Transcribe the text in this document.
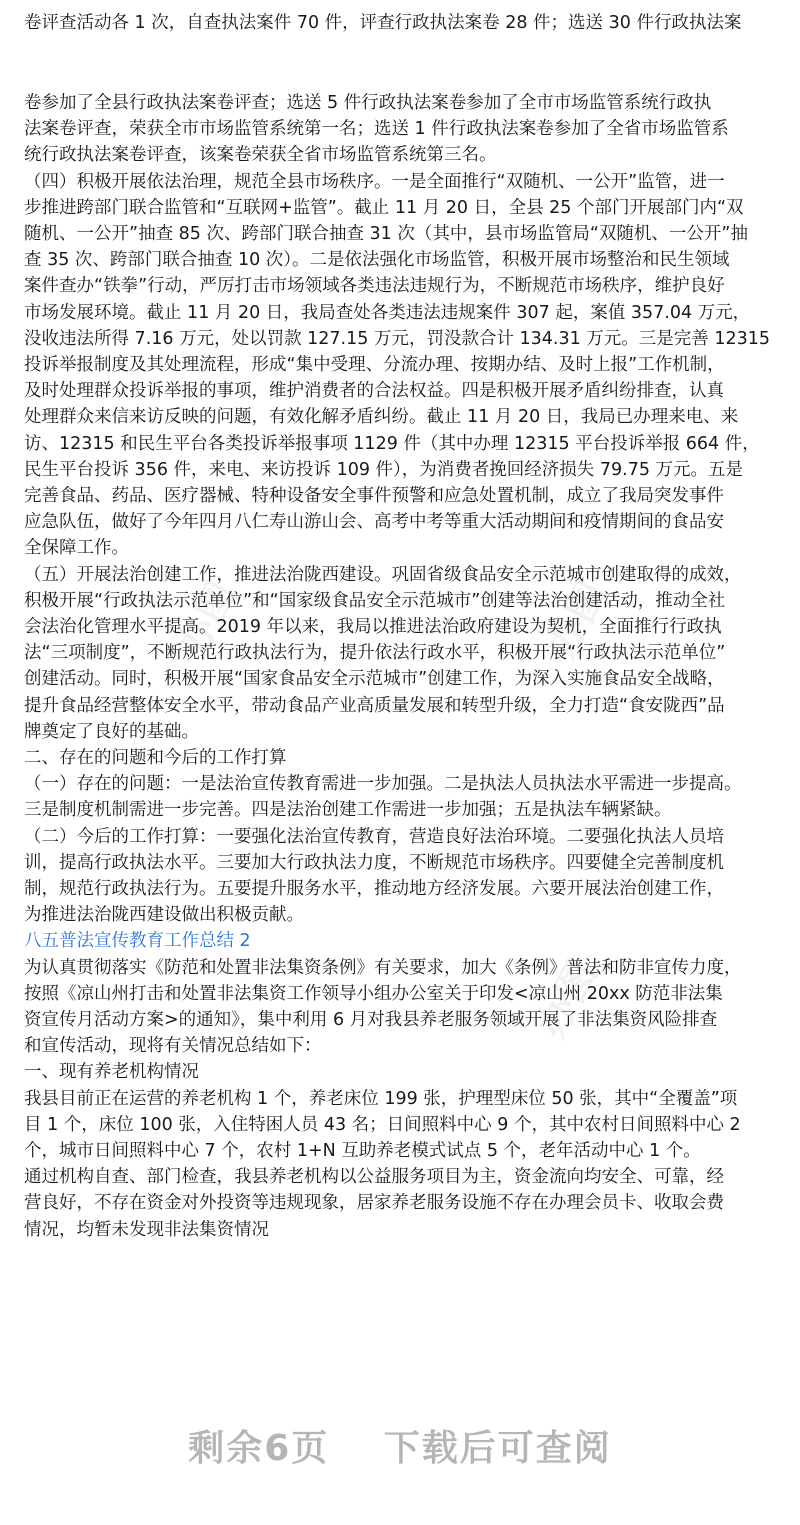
办图	办图
办图
卷评查活动各 1 次，自查执法案件 70 件，评查行政执法案卷 28 件；选送 30 件行政执法案
卷参加了全县行政执法案卷评查；选送 5 件行政执法案卷参加了全市市场监管系统行政执
法案卷评查，荣获全市市场监管系统第一名；选送 1 件行政执法案卷参加了全省市场监管系
统行政执法案卷评查，该案卷荣获全省市场监管系统第三名。
（四）积极开展依法治理，规范全县市场秩序。一是全面推行“双随机、一公开”监管，进一
步推进跨部门联合监管和“互联网+监管”。截止 11 月 20 日，全县 25 个部门开展部门内“双
随机、一公开”抽查 85 次、跨部门联合抽查 31 次（其中，县市场监管局“双随机、一公开”抽
查 35 次、跨部门联合抽查 10 次）。二是依法强化市场监管，积极开展市场整治和民生领域
案件查办“铁拳”行动，严厉打击市场领域各类违法违规行为，不断规范市场秩序，维护良好
市场发展环境。截止 11 月 20 日，我局查处各类违法违规案件 307 起，案值 357.04 万元，
没收违法所得 7.16 万元，处以罚款 127.15 万元，罚没款合计 134.31 万元。三是完善 12315
投诉举报制度及其处理流程，形成“集中受理、分流办理、按期办结、及时上报”工作机制，
及时处理群众投诉举报的事项，维护消费者的合法权益。四是积极开展矛盾纠纷排查，认真
处理群众来信来访反映的问题，有效化解矛盾纠纷。截止 11 月 20 日，我局已办理来电、来
访、12315 和民生平台各类投诉举报事项 1129 件（其中办理 12315 平台投诉举报 664 件，
民生平台投诉 356 件，来电、来访投诉 109 件），为消费者挽回经济损失 79.75 万元。五是
完善食品、药品、医疗器械、特种设备安全事件预警和应急处置机制，成立了我局突发事件
应急队伍，做好了今年四月八仁寿山游山会、高考中考等重大活动期间和疫情期间的食品安
全保障工作。
（五）开展法治创建工作，推进法治陇西建设。巩固省级食品安全示范城市创建取得的成效，
积极开展“行政执法示范单位”和“国家级食品安全示范城市”创建等法治创建活动，推动全社
会法治化管理水平提高。2019 年以来，我局以推进法治政府建设为契机，全面推行行政执
法“三项制度”，不断规范行政执法行为，提升依法行政水平，积极开展“行政执法示范单位”
创建活动。同时，积极开展“国家食品安全示范城市”创建工作，为深入实施食品安全战略，
提升食品经营整体安全水平，带动食品产业高质量发展和转型升级，全力打造“食安陇西”品
牌奠定了良好的基础。
二、存在的问题和今后的工作打算
（一）存在的问题：一是法治宣传教育需进一步加强。二是执法人员执法水平需进一步提高。
三是制度机制需进一步完善。四是法治创建工作需进一步加强；五是执法车辆紧缺。
（二）今后的工作打算：一要强化法治宣传教育，营造良好法治环境。二要强化执法人员培
训，提高行政执法水平。三要加大行政执法力度，不断规范市场秩序。四要健全完善制度机
制，规范行政执法行为。五要提升服务水平，推动地方经济发展。六要开展法治创建工作，
为推进法治陇西建设做出积极贡献。
八五普法宣传教育工作总结 2
为认真贯彻落实《防范和处置非法集资条例》有关要求，加大《条例》普法和防非宣传力度，
按照《凉山州打击和处置非法集资工作领导小组办公室关于印发<凉山州 20xx 防范非法集
资宣传月活动方案>的通知》，集中利用 6 月对我县养老服务领域开展了非法集资风险排查
和宣传活动，现将有关情况总结如下：
一、现有养老机构情况
我县目前正在运营的养老机构 1 个，养老床位 199 张，护理型床位 50 张，其中“全覆盖”项
目 1 个，床位 100 张，入住特困人员 43 名；日间照料中心 9 个，其中农村日间照料中心 2
个，城市日间照料中心 7 个，农村 1+N 互助养老模式试点 5 个，老年活动中心 1 个。
通过机构自查、部门检查，我县养老机构以公益服务项目为主，资金流向均安全、可靠，经
营良好，不存在资金对外投资等违规现象，居家养老服务设施不存在办理会员卡、收取会费
情况，均暂未发现非法集资情况
剩余6页 下载后可查阅
